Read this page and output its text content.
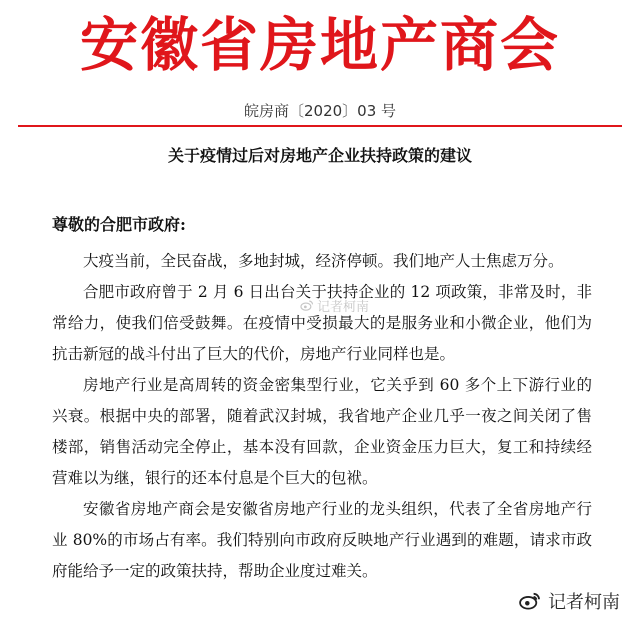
安徽省房地产商会
皖房商〔2020〕03 号
关于疫情过后对房地产企业扶持政策的建议
尊敬的合肥市政府:

大疫当前，全民奋战，多地封城，经济停顿。我们地产人士焦虑万分。

合肥市政府曾于 2 月 6 日出台关于扶持企业的 12 项政策，非常及时，非常给力，使我们倍受鼓舞。在疫情中受损最大的是服务业和小微企业，他们为抗击新冠的战斗付出了巨大的代价，房地产行业同样也是。

房地产行业是高周转的资金密集型行业，它关乎到 60 多个上下游行业的兴衰。根据中央的部署，随着武汉封城，我省地产企业几乎一夜之间关闭了售楼部，销售活动完全停止，基本没有回款，企业资金压力巨大，复工和持续经营难以为继，银行的还本付息是个巨大的包袱。

安徽省房地产商会是安徽省房地产行业的龙头组织，代表了全省房地产行业 80%的市场占有率。我们特别向市政府反映地产行业遇到的难题，请求市政府能给予一定的政策扶持，帮助企业度过难关。

记者柯南
记者柯南
